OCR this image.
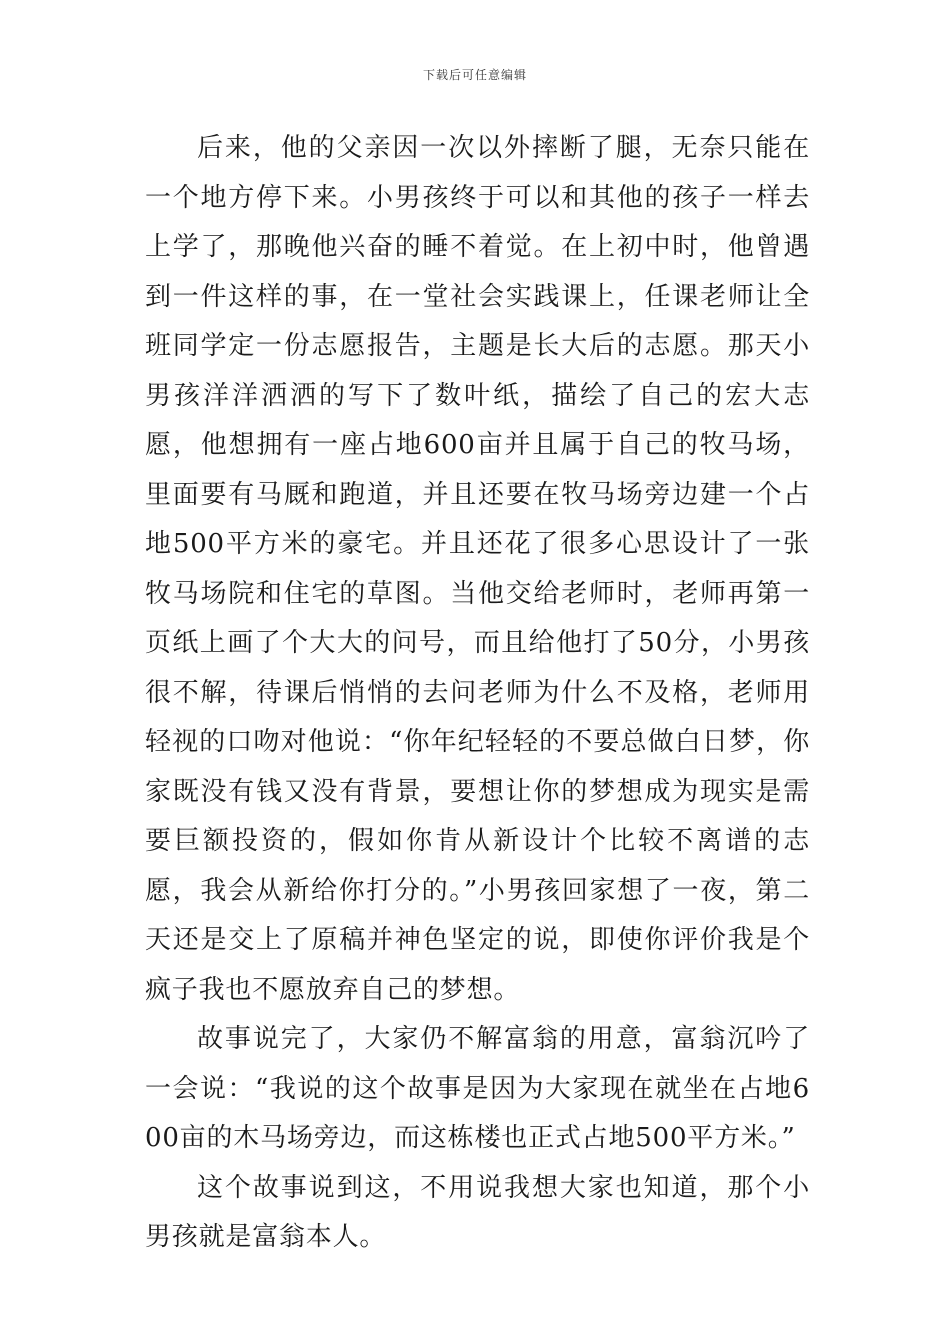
下载后可任意编辑

后来，他的父亲因一次以外摔断了腿，无奈只能在一个地方停下来。小男孩终于可以和其他的孩子一样去上学了，那晚他兴奋的睡不着觉。在上初中时，他曾遇到一件这样的事，在一堂社会实践课上，任课老师让全班同学定一份志愿报告，主题是长大后的志愿。那天小男孩洋洋洒洒的写下了数叶纸，描绘了自己的宏大志愿，他想拥有一座占地600亩并且属于自己的牧马场，里面要有马厩和跑道，并且还要在牧马场旁边建一个占地500平方米的豪宅。并且还花了很多心思设计了一张牧马场院和住宅的草图。当他交给老师时，老师再第一页纸上画了个大大的问号，而且给他打了50分，小男孩很不解，待课后悄悄的去问老师为什么不及格，老师用轻视的口吻对他说：“你年纪轻轻的不要总做白日梦，你家既没有钱又没有背景，要想让你的梦想成为现实是需要巨额投资的，假如你肯从新设计个比较不离谱的志愿，我会从新给你打分的。”小男孩回家想了一夜，第二天还是交上了原稿并神色坚定的说，即使你评价我是个疯子我也不愿放弃自己的梦想。

故事说完了，大家仍不解富翁的用意，富翁沉吟了一会说：“我说的这个故事是因为大家现在就坐在占地600亩的木马场旁边，而这栋楼也正式占地500平方米。”

这个故事说到这，不用说我想大家也知道，那个小男孩就是富翁本人。
